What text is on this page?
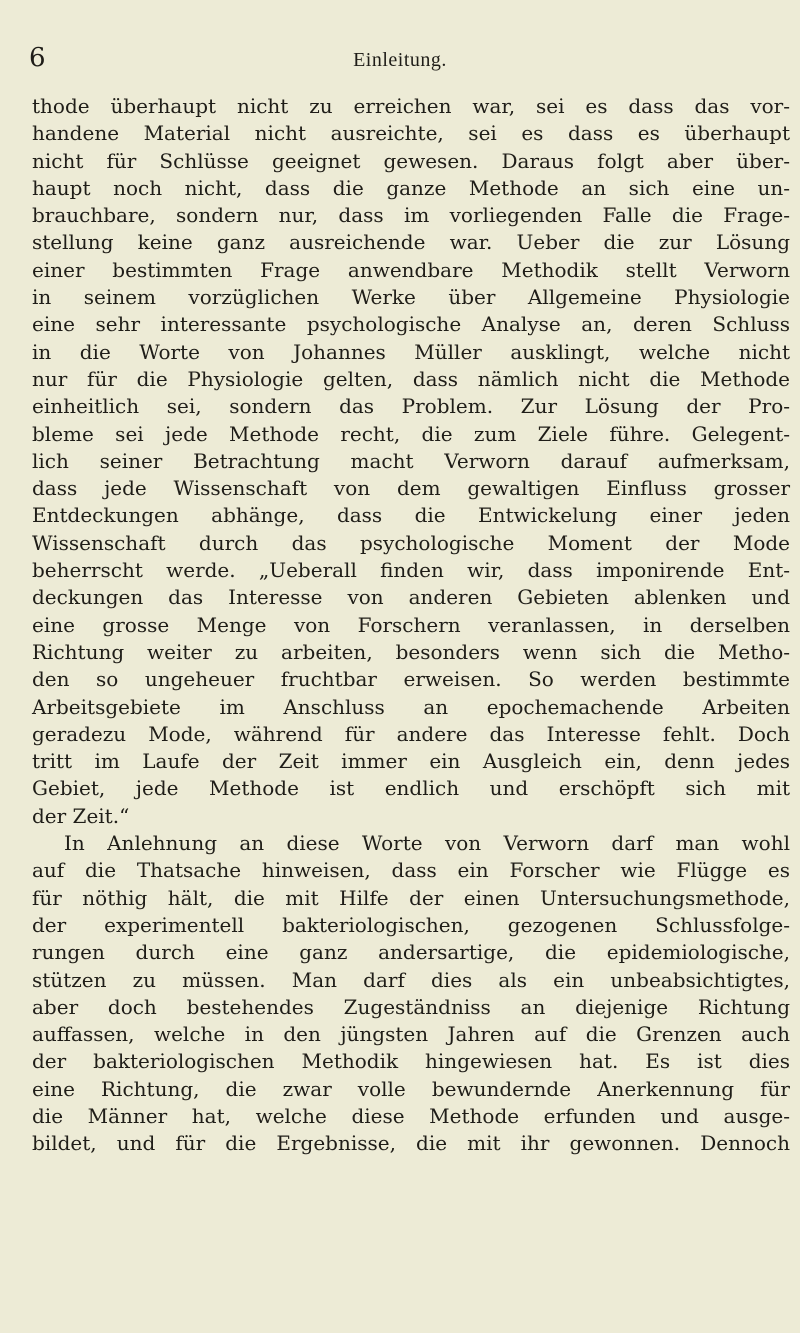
6	Einleitung.
thode überhaupt nicht zu erreichen war, sei es dass das vor-
handene Material nicht ausreichte, sei es dass es überhaupt
nicht für Schlüsse geeignet gewesen. Daraus folgt aber über-
haupt noch nicht, dass die ganze Methode an sich eine un-
brauchbare, sondern nur, dass im vorliegenden Falle die Frage-
stellung keine ganz ausreichende war. Ueber die zur Lösung
einer bestimmten Frage anwendbare Methodik stellt Verworn
in seinem vorzüglichen Werke über Allgemeine Physiologie
eine sehr interessante psychologische Analyse an, deren Schluss
in die Worte von Johannes Müller ausklingt, welche nicht
nur für die Physiologie gelten, dass nämlich nicht die Methode
einheitlich sei, sondern das Problem. Zur Lösung der Pro-
bleme sei jede Methode recht, die zum Ziele führe. Gelegent-
lich seiner Betrachtung macht Verworn darauf aufmerksam,
dass jede Wissenschaft von dem gewaltigen Einfluss grosser
Entdeckungen abhänge, dass die Entwickelung einer jeden
Wissenschaft durch das psychologische Moment der Mode
beherrscht werde. „Ueberall finden wir, dass imponirende Ent-
deckungen das Interesse von anderen Gebieten ablenken und
eine grosse Menge von Forschern veranlassen, in derselben
Richtung weiter zu arbeiten, besonders wenn sich die Metho-
den so ungeheuer fruchtbar erweisen. So werden bestimmte
Arbeitsgebiete im Anschluss an epochemachende Arbeiten
geradezu Mode, während für andere das Interesse fehlt. Doch
tritt im Laufe der Zeit immer ein Ausgleich ein, denn jedes
Gebiet, jede Methode ist endlich und erschöpft sich mit
der Zeit.“
In Anlehnung an diese Worte von Verworn darf man wohl
auf die Thatsache hinweisen, dass ein Forscher wie Flügge es
für nöthig hält, die mit Hilfe der einen Untersuchungsmethode,
der experimentell bakteriologischen, gezogenen Schlussfolge-
rungen durch eine ganz andersartige, die epidemiologische,
stützen zu müssen. Man darf dies als ein unbeabsichtigtes,
aber doch bestehendes Zugeständniss an diejenige Richtung
auffassen, welche in den jüngsten Jahren auf die Grenzen auch
der bakteriologischen Methodik hingewiesen hat. Es ist dies
eine Richtung, die zwar volle bewundernde Anerkennung für
die Männer hat, welche diese Methode erfunden und ausge-
bildet, und für die Ergebnisse, die mit ihr gewonnen. Dennoch
